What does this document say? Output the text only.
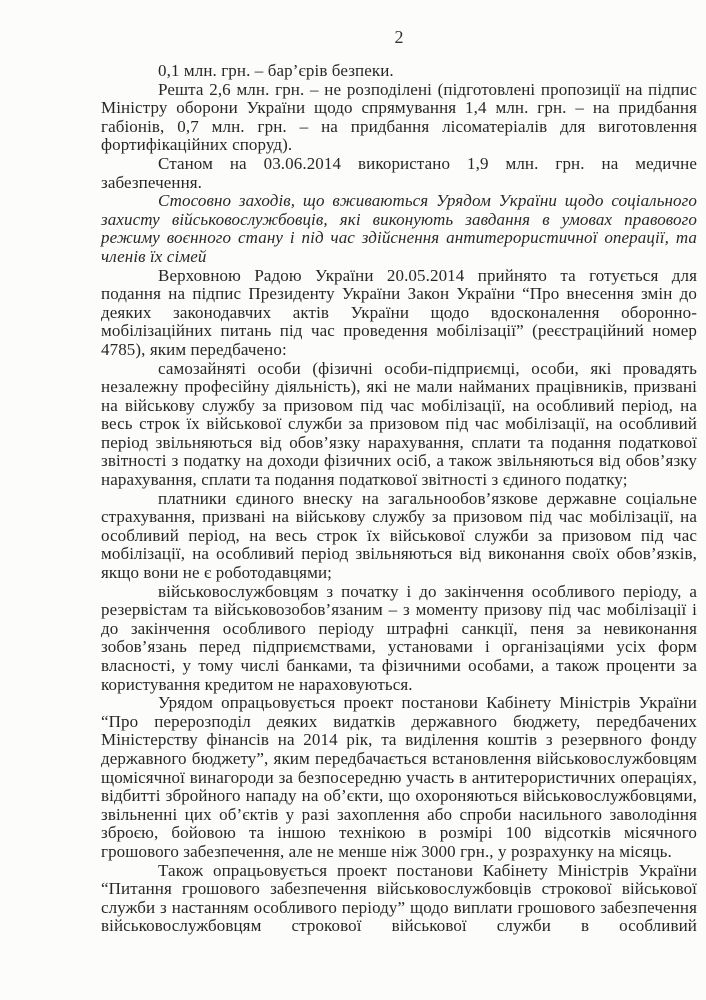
2

0,1 млн. грн. – бар’єрів безпеки.

Решта 2,6 млн. грн. – не розподілені (підготовлені пропозиції на підпис Міністру оборони України щодо спрямування 1,4 млн. грн. – на придбання габіонів, 0,7 млн. грн. – на придбання лісоматеріалів для виготовлення фортифікаційних споруд).

Станом на 03.06.2014 використано 1,9 млн. грн. на медичне забезпечення.

Стосовно заходів, що вживаються Урядом України щодо соціального захисту військовослужбовців, які виконують завдання в умовах правового режиму воєнного стану і під час здійснення антитерористичної операції, та членів їх сімей

Верховною Радою України 20.05.2014 прийнято та готується для подання на підпис Президенту України Закон України “Про внесення змін до деяких законодавчих актів України щодо вдосконалення оборонно-мобілізаційних питань під час проведення мобілізації” (реєстраційний номер 4785), яким передбачено:

самозайняті особи (фізичні особи-підприємці, особи, які провадять незалежну професійну діяльність), які не мали найманих працівників, призвані на військову службу за призовом під час мобілізації, на особливий період, на весь строк їх військової служби за призовом під час мобілізації, на особливий період звільняються від обов’язку нарахування, сплати та подання податкової звітності з податку на доходи фізичних осіб, а також звільняються від обов’язку нарахування, сплати та подання податкової звітності з єдиного податку;

платники єдиного внеску на загальнообов’язкове державне соціальне страхування, призвані на військову службу за призовом під час мобілізації, на особливий період, на весь строк їх військової служби за призовом під час мобілізації, на особливий період звільняються від виконання своїх обов’язків, якщо вони не є роботодавцями;

військовослужбовцям з початку і до закінчення особливого періоду, а резервістам та військовозобов’язаним – з моменту призову під час мобілізації і до закінчення особливого періоду штрафні санкції, пеня за невиконання зобов’язань перед підприємствами, установами і організаціями усіх форм власності, у тому числі банками, та фізичними особами, а також проценти за користування кредитом не нараховуються.

Урядом опрацьовується проект постанови Кабінету Міністрів України “Про перерозподіл деяких видатків державного бюджету, передбачених Міністерству фінансів на 2014 рік, та виділення коштів з резервного фонду державного бюджету”, яким передбачається встановлення військовослужбовцям щомісячної винагороди за безпосередню участь в антитерористичних операціях, відбитті збройного нападу на об’єкти, що охороняються військовослужбовцями, звільненні цих об’єктів у разі захоплення або спроби насильного заволодіння зброєю, бойовою та іншою технікою в розмірі 100 відсотків місячного грошового забезпечення, але не менше ніж 3000 грн., у розрахунку на місяць.

Також опрацьовується проект постанови Кабінету Міністрів України “Питання грошового забезпечення військовослужбовців строкової військової служби з настанням особливого періоду” щодо виплати грошового забезпечення військовослужбовцям строкової військової служби в особливий
